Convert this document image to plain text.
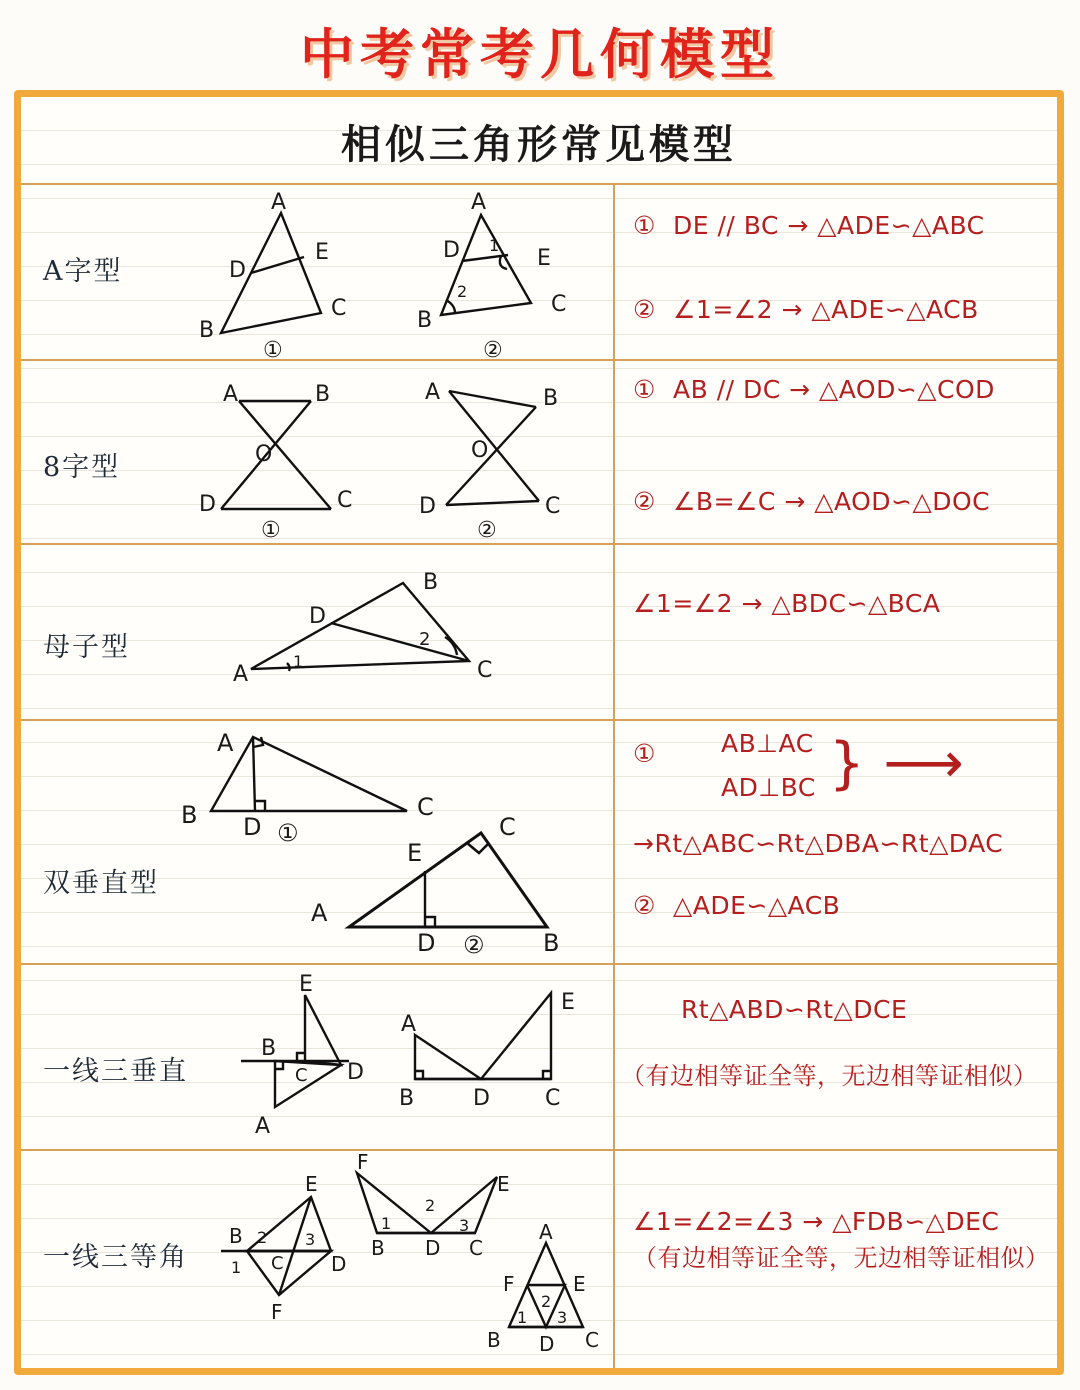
中考常考几何模型
相似三角形常见模型
A字型
A
D
E
B
C
①
A
D	E
B
C
1
2
②
① DE // BC → △ADE∽△ABC
② ∠1=∠2 → △ADE∽△ACB
8字型
A	B
O
D	C
①
A	B
O
D	C
②
① AB // DC → △AOD∽△COD
② ∠B=∠C → △AOD∽△DOC
母子型
B
D
2
A
1	C
∠1=∠2 → △BDC∽△BCA
双垂直型
A
B D
C
①
E
C
A
D	B
②
①	AB⊥AC
AD⊥BC } ⟶
→Rt△ABC∽Rt△DBA∽Rt△DAC
② △ADE∽△ACB
一线三垂直
E
B
C D
A
A
E
B	D	C
Rt△ABD∽Rt△DCE
（有边相等证全等，无边相等证相似）
一线三等角
E
B 2 3
1 C D
F
F
2
E
1	3
B D C
A
F	E
2
1 3
B D C
∠1=∠2=∠3 → △FDB∽△DEC
（有边相等证全等，无边相等证相似）
